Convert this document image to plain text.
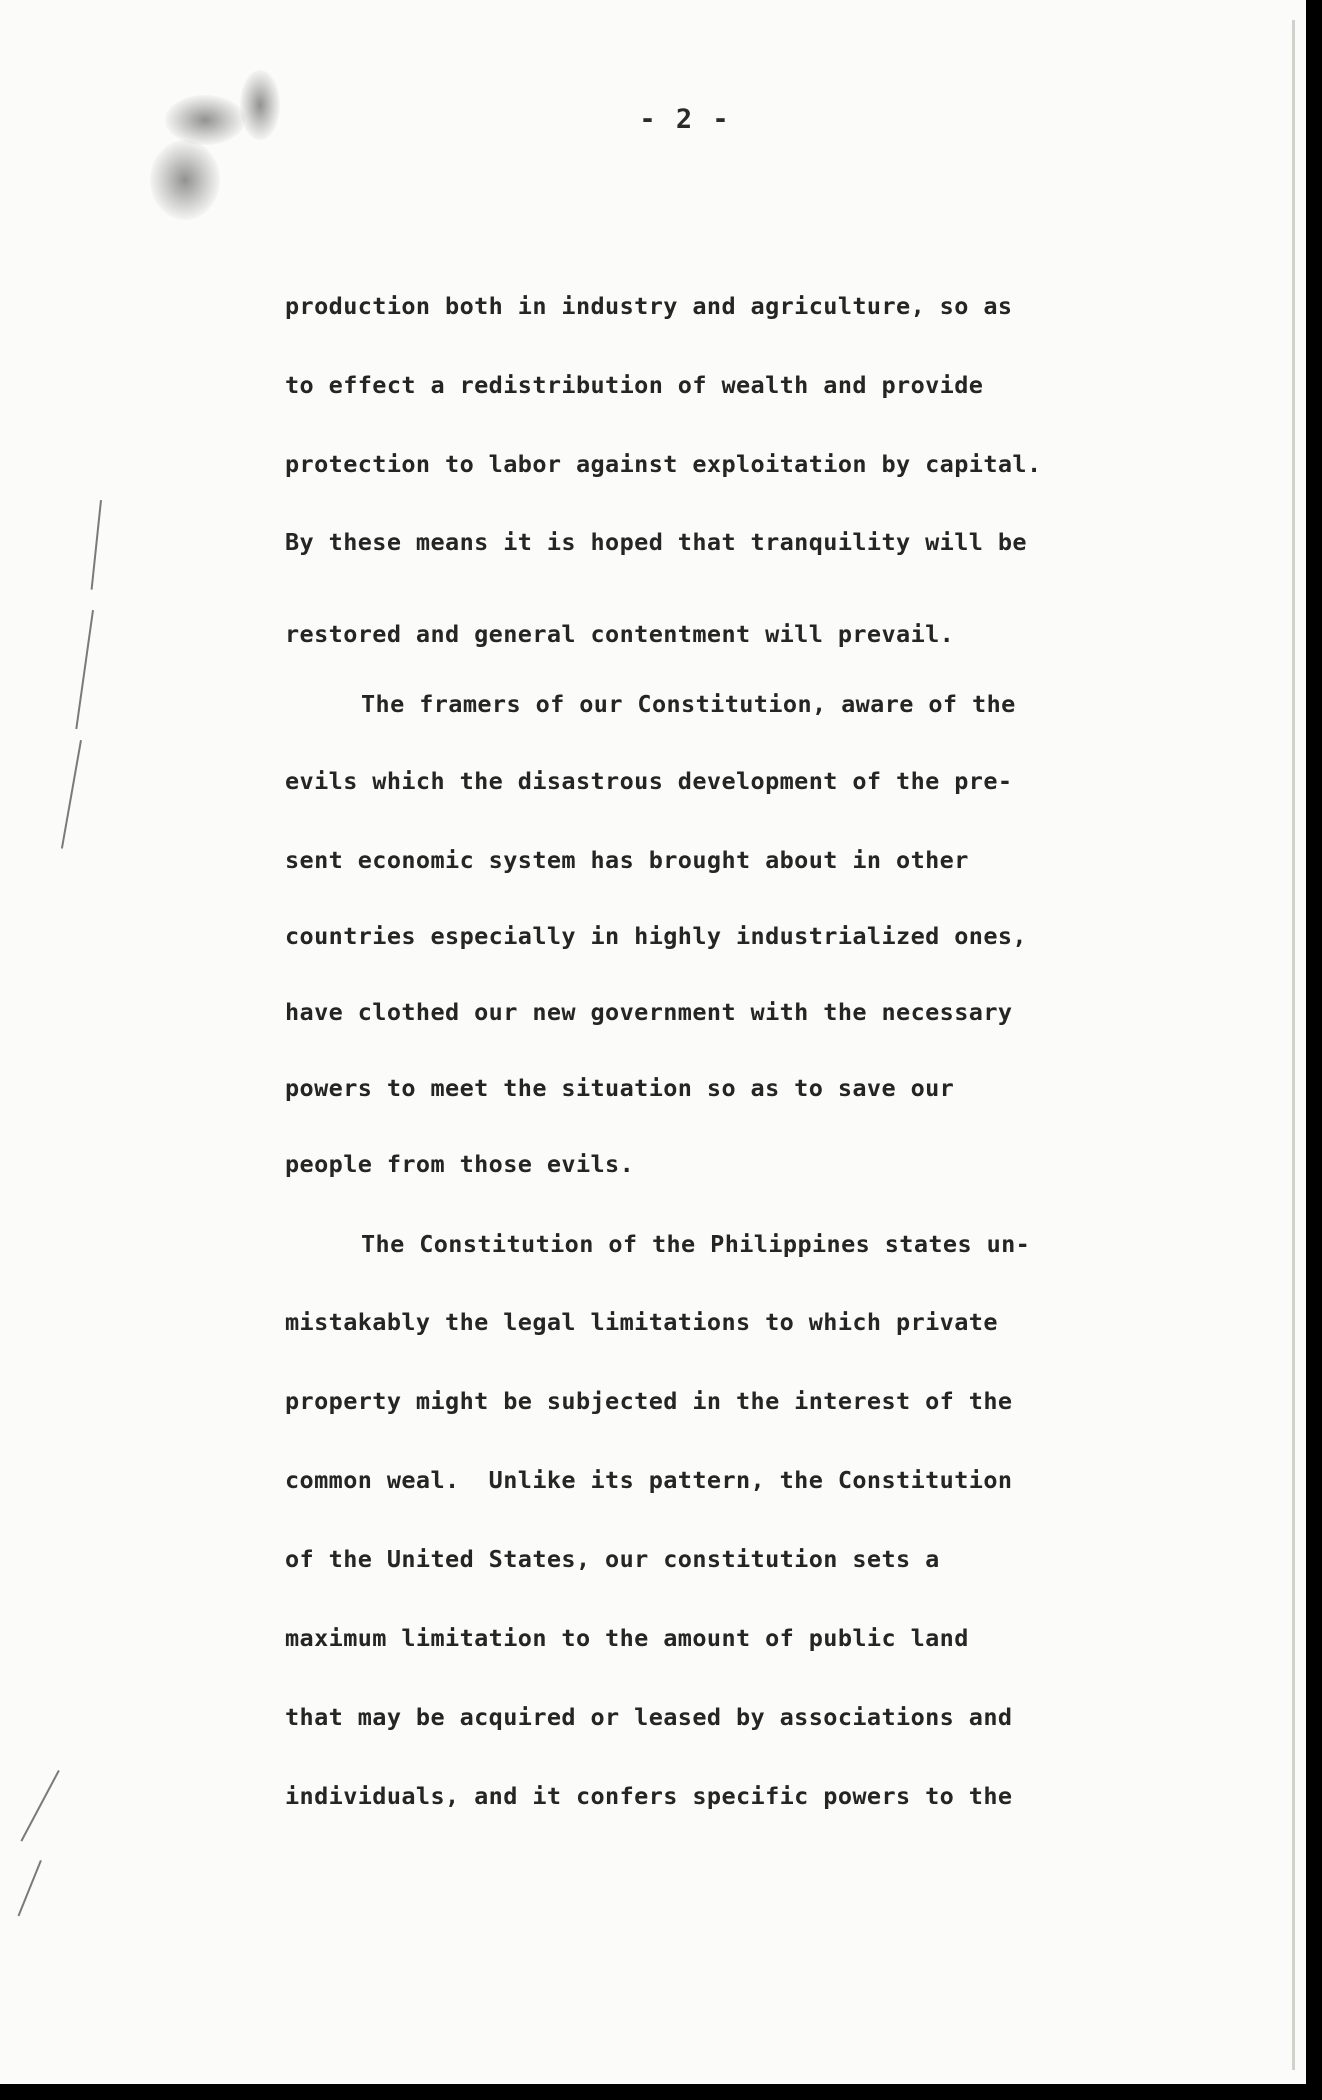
- 2 -
production both in industry and agriculture, so as
to effect a redistribution of wealth and provide
protection to labor against exploitation by capital.
By these means it is hoped that tranquility will be
restored and general contentment will prevail.
The framers of our Constitution, aware of the
evils which the disastrous development of the pre-
sent economic system has brought about in other
countries especially in highly industrialized ones,
have clothed our new government with the necessary
powers to meet the situation so as to save our
people from those evils.
The Constitution of the Philippines states un-
mistakably the legal limitations to which private
property might be subjected in the interest of the
common weal.  Unlike its pattern, the Constitution
of the United States, our constitution sets a
maximum limitation to the amount of public land
that may be acquired or leased by associations and
individuals, and it confers specific powers to the
